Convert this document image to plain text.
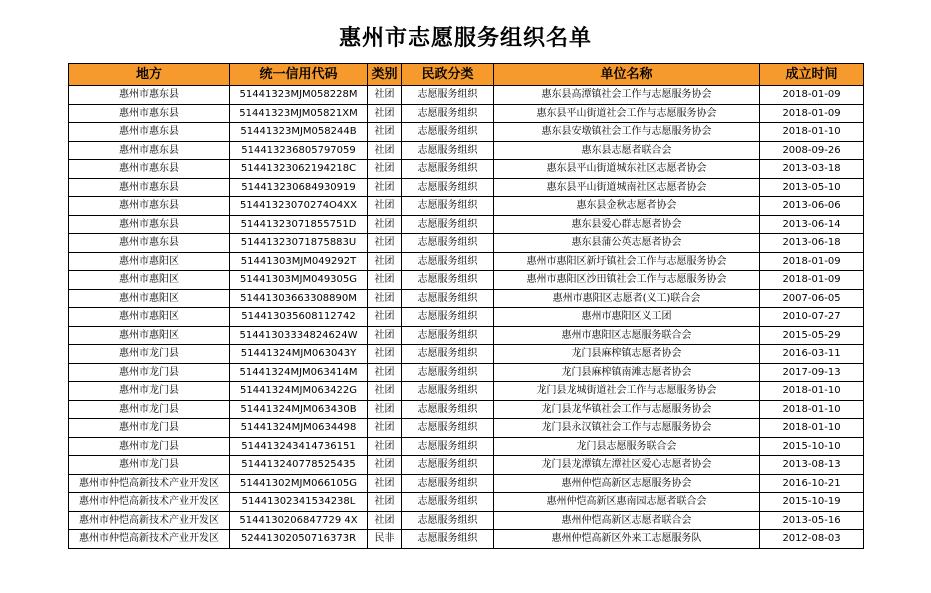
惠州市志愿服务组织名单
地方	统一信用代码	类别	民政分类	单位名称	成立时间
惠州市惠东县	51441323MJM058228M	社团	志愿服务组织	惠东县高潭镇社会工作与志愿服务协会	2018-01-09
惠州市惠东县	51441323MJM05821XM	社团	志愿服务组织	惠东县平山街道社会工作与志愿服务协会	2018-01-09
惠州市惠东县	51441323MJM058244B	社团	志愿服务组织	惠东县安墩镇社会工作与志愿服务协会	2018-01-10
惠州市惠东县	514413236805797059	社团	志愿服务组织	惠东县志愿者联合会	2008-09-26
惠州市惠东县	51441323062194218C	社团	志愿服务组织	惠东县平山街道城东社区志愿者协会	2013-03-18
惠州市惠东县	514413230684930919	社团	志愿服务组织	惠东县平山街道城南社区志愿者协会	2013-05-10
惠州市惠东县	51441323070274O4XX	社团	志愿服务组织	惠东县金秋志愿者协会	2013-06-06
惠州市惠东县	51441323071855751D	社团	志愿服务组织	惠东县爱心群志愿者协会	2013-06-14
惠州市惠东县	51441323071875883U	社团	志愿服务组织	惠东县蒲公英志愿者协会	2013-06-18
惠州市惠阳区	51441303MJM049292T	社团	志愿服务组织	惠州市惠阳区新圩镇社会工作与志愿服务协会	2018-01-09
惠州市惠阳区	51441303MJM049305G	社团	志愿服务组织	惠州市惠阳区沙田镇社会工作与志愿服务协会	2018-01-09
惠州市惠阳区	51441303663308890M	社团	志愿服务组织	惠州市惠阳区志愿者(义工)联合会	2007-06-05
惠州市惠阳区	514413035608112742	社团	志愿服务组织	惠州市惠阳区义工团	2010-07-27
惠州市惠阳区	51441303334824624W	社团	志愿服务组织	惠州市惠阳区志愿服务联合会	2015-05-29
惠州市龙门县	51441324MJM063043Y	社团	志愿服务组织	龙门县麻榨镇志愿者协会	2016-03-11
惠州市龙门县	51441324MJM063414M	社团	志愿服务组织	龙门县麻榨镇南滩志愿者协会	2017-09-13
惠州市龙门县	51441324MJM063422G	社团	志愿服务组织	龙门县龙城街道社会工作与志愿服务协会	2018-01-10
惠州市龙门县	51441324MJM063430B	社团	志愿服务组织	龙门县龙华镇社会工作与志愿服务协会	2018-01-10
惠州市龙门县	51441324MJM0634498	社团	志愿服务组织	龙门县永汉镇社会工作与志愿服务协会	2018-01-10
惠州市龙门县	514413243414736151	社团	志愿服务组织	龙门县志愿服务联合会	2015-10-10
惠州市龙门县	514413240778525435	社团	志愿服务组织	龙门县龙潭镇左潭社区爱心志愿者协会	2013-08-13
惠州市仲恺高新技术产业开发区	51441302MJM066105G	社团	志愿服务组织	惠州仲恺高新区志愿服务协会	2016-10-21
惠州市仲恺高新技术产业开发区	51441302341534238L	社团	志愿服务组织	惠州仲恺高新区惠南园志愿者联合会	2015-10-19
惠州市仲恺高新技术产业开发区	5144130206847729 4X	社团	志愿服务组织	惠州仲恺高新区志愿者联合会	2013-05-16
惠州市仲恺高新技术产业开发区	52441302050716373R	民非	志愿服务组织	惠州仲恺高新区外来工志愿服务队	2012-08-03
